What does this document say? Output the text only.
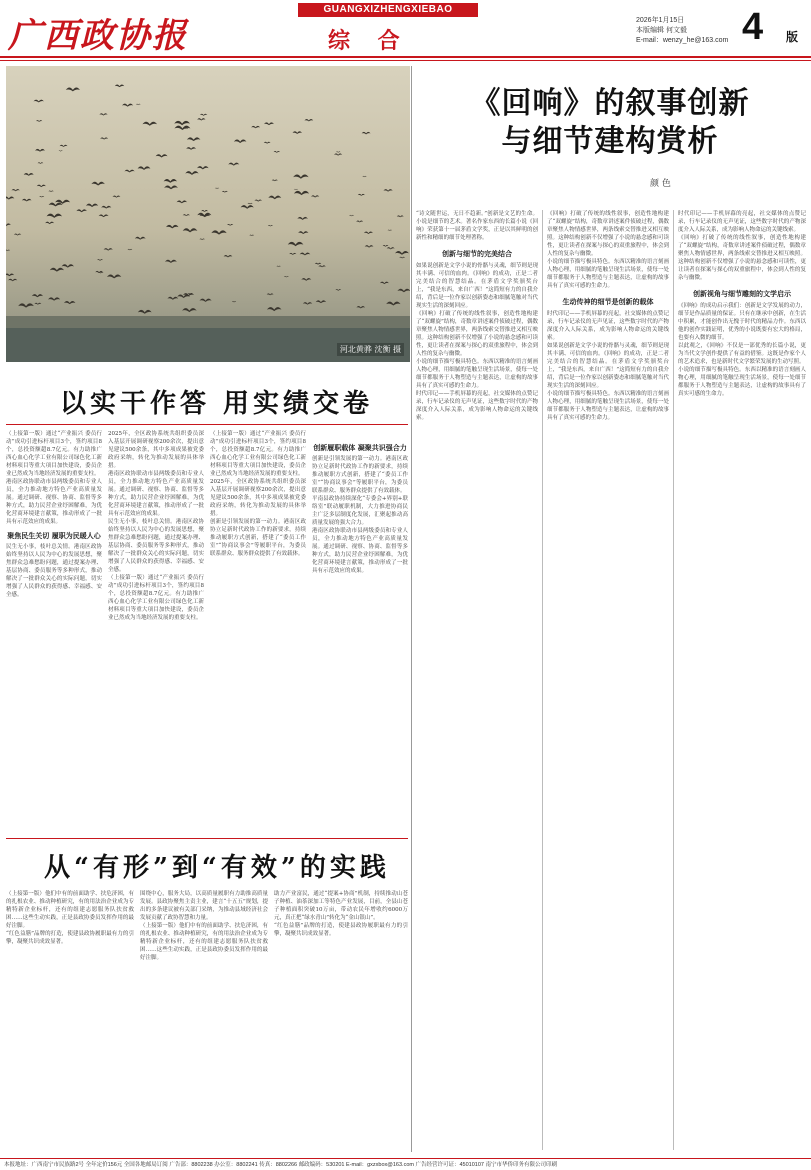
广西政协报
GUANGXIZHENGXIEBAO
综 合
2026年1月15日
本版编辑 何文毅
E-mail：wenzy_he@163.com 4 版
河北黄骅 沈衡 摄
《回响》的叙事创新
与细节建构赏析
颜 色

“诗文随世运，无日不趋新。”创新是文艺的生命。小说是细节的艺术。著名作家东西的长篇小说《回响》荣获第十一届茅盾文学奖，正是以其鲜明的创新性和精细的细节处理著称。

创新与细节的完美结合

如果说创新是文学小说的骨骼与灵魂，细节则是现其丰满、可信的血肉。《回响》的成功，正是二者完美结合的智慧结晶。在茅盾文学奖颁奖台上，“我是东西，来自广西！”这简短有力的自我介绍，背后是一位作家以创新姿态和细腻笔触对当代现实生活的深刻回应。

《回响》打破了传统的线性叙事，创造性地构建了“双螺旋”结构，奇数章讲述案件侦破过程，偶数章聚焦人物情感世界，两条线索交替推进又相互映照。这种结构创新不仅增强了小说的悬念感和可读性，更让读者在探案与探心的双重旅程中，体会到人性的复杂与幽微。

小说的细节描写极具特色。东西以精准的语言刻画人物心理，用细腻的笔触呈现生活场景，使每一处细节都服务于人物塑造与主题表达，让虚构的故事具有了真实可感的生命力。

时代印记——手机屏幕的亮起，社交媒体的点赞记录，行车记录仪的无声见证，这些数字时代的产物深度介入人际关系，成为影响人物命运的关键线索。

《回响》打破了传统的线性叙事，创造性地构建了“双螺旋”结构，奇数章讲述案件侦破过程，偶数章聚焦人物情感世界，两条线索交替推进又相互映照。这种结构创新不仅增强了小说的悬念感和可读性，更让读者在探案与探心的双重旅程中，体会到人性的复杂与幽微。

小说的细节描写极具特色。东西以精准的语言刻画人物心理，用细腻的笔触呈现生活场景，使每一处细节都服务于人物塑造与主题表达，让虚构的故事具有了真实可感的生命力。

生动传神的细节是创新的载体

时代印记——手机屏幕的亮起，社交媒体的点赞记录，行车记录仪的无声见证，这些数字时代的产物深度介入人际关系，成为影响人物命运的关键线索。

如果说创新是文学小说的骨骼与灵魂，细节则是现其丰满、可信的血肉。《回响》的成功，正是二者完美结合的智慧结晶。在茅盾文学奖颁奖台上，“我是东西，来自广西！”这简短有力的自我介绍，背后是一位作家以创新姿态和细腻笔触对当代现实生活的深刻回应。

小说的细节描写极具特色。东西以精准的语言刻画人物心理，用细腻的笔触呈现生活场景，使每一处细节都服务于人物塑造与主题表达，让虚构的故事具有了真实可感的生命力。

时代印记——手机屏幕的亮起，社交媒体的点赞记录，行车记录仪的无声见证，这些数字时代的产物深度介入人际关系，成为影响人物命运的关键线索。

《回响》打破了传统的线性叙事，创造性地构建了“双螺旋”结构，奇数章讲述案件侦破过程，偶数章聚焦人物情感世界，两条线索交替推进又相互映照。这种结构创新不仅增强了小说的悬念感和可读性，更让读者在探案与探心的双重旅程中，体会到人性的复杂与幽微。

创新视角与细节雕刻的文学启示

《回响》的成功启示我们：创新是文学发展的动力，细节是作品质量的保证。只有在继承中创新，在生活中积累，才能创作出无愧于时代的精品力作。东西以他的创作实践证明，优秀的小说既要有宏大的格局，也要有入微的细节。

以此观之，《回响》不仅是一部优秀的长篇小说，更为当代文学创作提供了有益的借鉴。这既是作家个人的艺术追求，也是新时代文学繁荣发展的生动写照。

小说的细节描写极具特色。东西以精准的语言刻画人物心理，用细腻的笔触呈现生活场景，使每一处细节都服务于人物塑造与主题表达，让虚构的故事具有了真实可感的生命力。

以实干作答 用实绩交卷

（上接第一版）通过“产业振兴 委员行动”成功引进标杆项目3个，签约项目8个，总投资额超8.7亿元。有力助推广西心血心化学工业有限公司绿色化工新材料项目等重大项目加快建设，委员企业已然成为当地经济发展的重要支柱。

港南区政协联动市县两级委员和专业人员，全力推动地方特色产业高质量发展。通过调研、视察、协商、监督等多种方式，助力民营企业纾困解难，为优化营商环境建言献策，推动形成了一批具有示范效应的成果。

聚焦民生关切 履职为民暖人心

民生无小事，枝叶总关情。港南区政协始终坚持以人民为中心的发展思想，聚焦群众急难愁盼问题，通过提案办理、基层协商、委员服务等多种形式，推动解决了一批群众关心的实际问题，切实增强了人民群众的获得感、幸福感、安全感。

2025年，全区政协系统共组织委员深入基层开展调研视察200余次，提出意见建议500余条，其中多项成果被党委政府采纳，转化为推动发展的具体举措。

港南区政协联动市县两级委员和专业人员，全力推动地方特色产业高质量发展。通过调研、视察、协商、监督等多种方式，助力民营企业纾困解难，为优化营商环境建言献策，推动形成了一批具有示范效应的成果。

民生无小事，枝叶总关情。港南区政协始终坚持以人民为中心的发展思想，聚焦群众急难愁盼问题，通过提案办理、基层协商、委员服务等多种形式，推动解决了一批群众关心的实际问题，切实增强了人民群众的获得感、幸福感、安全感。

（上接第一版）通过“产业振兴 委员行动”成功引进标杆项目3个，签约项目8个，总投资额超8.7亿元。有力助推广西心血心化学工业有限公司绿色化工新材料项目等重大项目加快建设，委员企业已然成为当地经济发展的重要支柱。

（上接第一版）通过“产业振兴 委员行动”成功引进标杆项目3个，签约项目8个，总投资额超8.7亿元。有力助推广西心血心化学工业有限公司绿色化工新材料项目等重大项目加快建设，委员企业已然成为当地经济发展的重要支柱。

2025年，全区政协系统共组织委员深入基层开展调研视察200余次，提出意见建议500余条，其中多项成果被党委政府采纳，转化为推动发展的具体举措。

创新是引领发展的第一动力。港南区政协立足新时代政协工作的新要求，持续推动履职方式创新，搭建了“委员工作室”“协商议事会”等履职平台，为委员联系群众、服务群众提供了有效载体。

创新履职载体 凝聚共识强合力

创新是引领发展的第一动力。港南区政协立足新时代政协工作的新要求，持续推动履职方式创新，搭建了“委员工作室”“协商议事会”等履职平台，为委员联系群众、服务群众提供了有效载体。

平南县政协持续深化“专委会+界别+联络室”联动履职机制，大力推进协商民主广泛多层制度化发展，汇聚起推动高质量发展的强大合力。

港南区政协联动市县两级委员和专业人员，全力推动地方特色产业高质量发展。通过调研、视察、协商、监督等多种方式，助力民营企业纾困解难，为优化营商环境建言献策，推动形成了一批具有示范效应的成果。

从“有形”到“有效”的实践

（上接第一版）他们中有的前面助学、扶危济困，有的扎根农业、推动种植研究，有的用法治企业成为专精特新企业标杆，还有的组建志愿服务队扶贫救困……这些生动实践，正是县政协委员发挥作用的最好注脚。

“红色益膳”品牌的打造，使建县政协履职最有力的引擎，凝聚共识成效显著。

围绕中心，服务大局，以高质量履职有力助推高质量发展。县政协聚焦主责主业，建言“十五五”规划，提出的多条建议被有关部门采纳，为推动县域经济社会发展贡献了政协智慧和力量。

（上接第一版）他们中有的前面助学、扶危济困，有的扎根农业、推动种植研究，有的用法治企业成为专精特新企业标杆，还有的组建志愿服务队扶贫救困……这些生动实践，正是县政协委员发挥作用的最好注脚。

助力产业富民，通过“提案+协商”机制，持续推动山苍子种植、油茶深加工等特色产业发展，目前，全县山苍子种植面积突破10万亩，带动农民年增收约6000万元，真正把“绿水青山”转化为“金山银山”。

“红色益膳”品牌的打造，使建县政协履职最有力的引擎，凝聚共识成效显著。

本报地址：广西南宁市民族路2号 全年定价156元 全国各地邮局订阅 广告部：8802238 办公室：8802241 传真：8802266 邮政编码：530201 E-mail：gxzxbox@163.com 广告经营许可证：45010107 南宁市华侨印务有限公司印刷
